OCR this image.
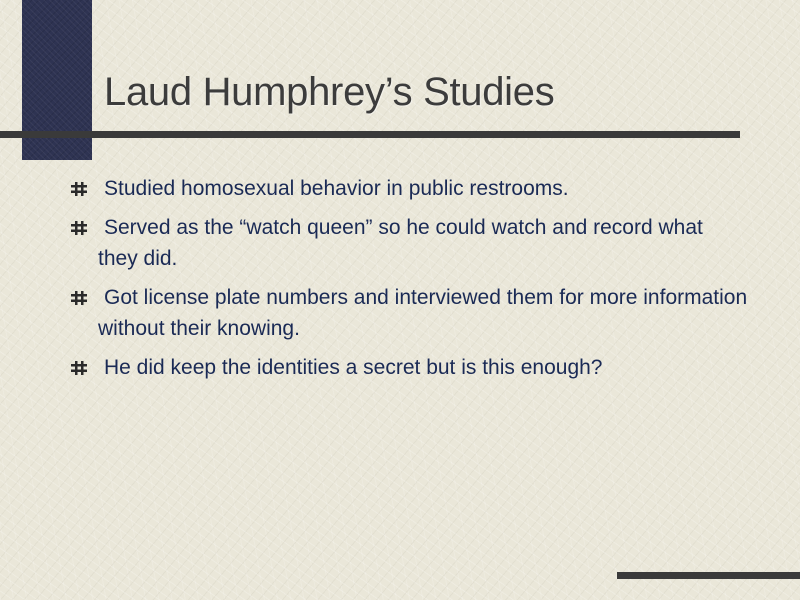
Laud Humphrey’s Studies
Studied homosexual behavior in public restrooms.
Served as the “watch queen” so he could watch and record what they did.
Got license plate numbers and interviewed them for more information without their knowing.
He did keep the identities a secret but is this enough?
